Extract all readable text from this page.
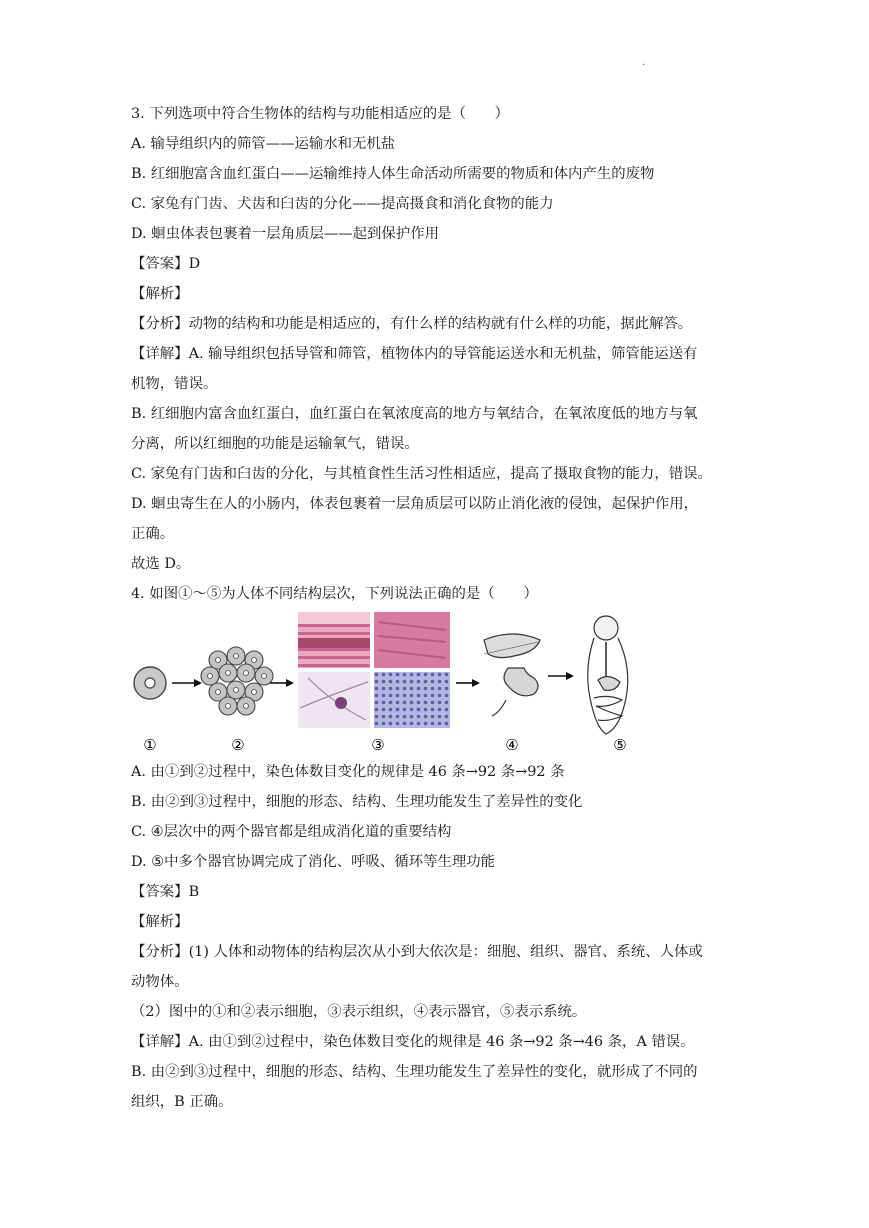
.
3. 下列选项中符合生物体的结构与功能相适应的是（　　）
A. 输导组织内的筛管——运输水和无机盐
B. 红细胞富含血红蛋白——运输维持人体生命活动所需要的物质和体内产生的废物
C. 家兔有门齿、犬齿和臼齿的分化——提高摄食和消化食物的能力
D. 蛔虫体表包裹着一层角质层——起到保护作用
【答案】D
【解析】
【分析】动物的结构和功能是相适应的，有什么样的结构就有什么样的功能，据此解答。
【详解】A. 输导组织包括导管和筛管，植物体内的导管能运送水和无机盐，筛管能运送有
机物，错误。
B. 红细胞内富含血红蛋白，血红蛋白在氧浓度高的地方与氧结合，在氧浓度低的地方与氧
分离，所以红细胞的功能是运输氧气，错误。
C. 家兔有门齿和臼齿的分化，与其植食性生活习性相适应，提高了摄取食物的能力，错误。
D. 蛔虫寄生在人的小肠内，体表包裹着一层角质层可以防止消化液的侵蚀，起保护作用，
正确。
故选 D。
4. 如图①～⑤为人体不同结构层次，下列说法正确的是（　　）
①	②	③	④	⑤
A. 由①到②过程中，染色体数目变化的规律是 46 条→92 条→92 条
B. 由②到③过程中，细胞的形态、结构、生理功能发生了差异性的变化
C. ④层次中的两个器官都是组成消化道的重要结构
D. ⑤中多个器官协调完成了消化、呼吸、循环等生理功能
【答案】B
【解析】
【分析】(1) 人体和动物体的结构层次从小到大依次是：细胞、组织、器官、系统、人体或
动物体。
（2）图中的①和②表示细胞，③表示组织，④表示器官，⑤表示系统。
【详解】A. 由①到②过程中，染色体数目变化的规律是 46 条→92 条→46 条，A 错误。
B. 由②到③过程中，细胞的形态、结构、生理功能发生了差异性的变化，就形成了不同的
组织，B 正确。
